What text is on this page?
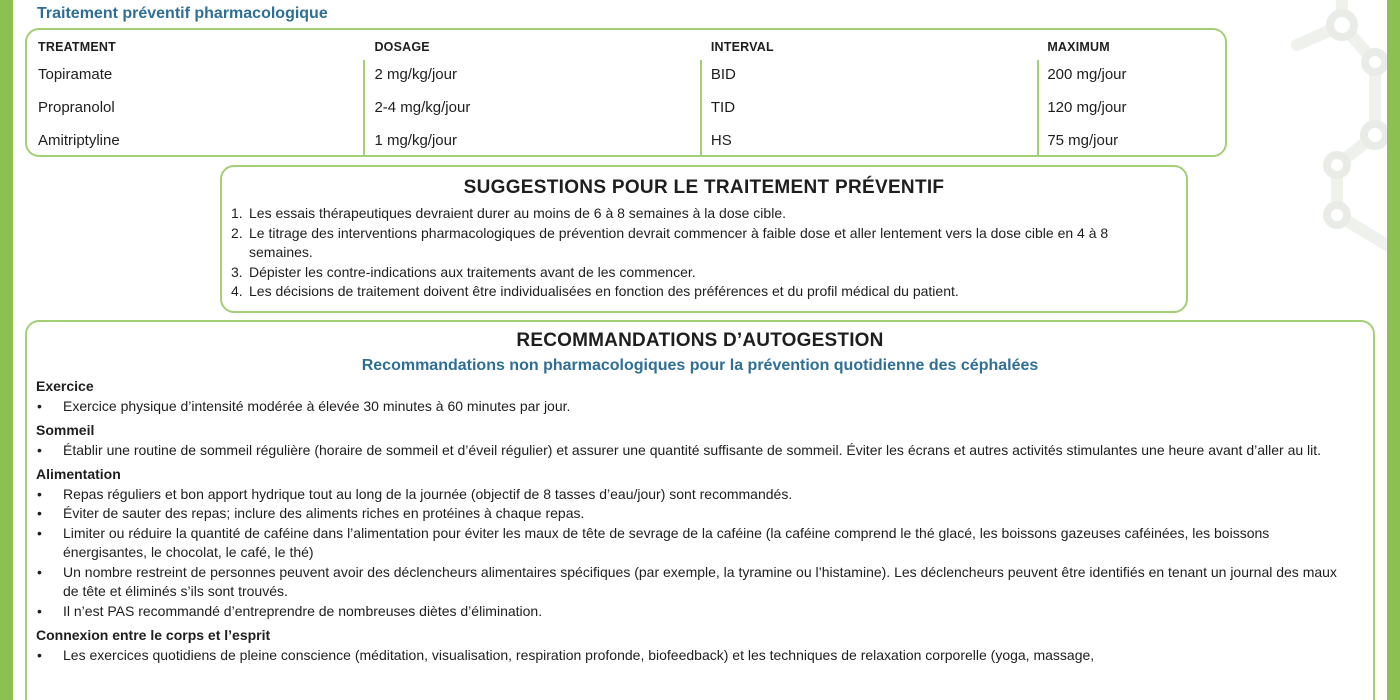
Traitement préventif pharmacologique
TREATMENT	DOSAGE	INTERVAL	MAXIMUM
Topiramate	2 mg/kg/jour	BID	200 mg/jour
Propranolol	2-4 mg/kg/jour	TID	120 mg/jour
Amitriptyline	1 mg/kg/jour	HS	75 mg/jour
SUGGESTIONS POUR LE TRAITEMENT PRÉVENTIF
1. Les essais thérapeutiques devraient durer au moins de 6 à 8 semaines à la dose cible.
2. Le titrage des interventions pharmacologiques de prévention devrait commencer à faible dose et aller lentement vers la dose cible en 4 à 8 semaines.
3. Dépister les contre-indications aux traitements avant de les commencer.
4. Les décisions de traitement doivent être individualisées en fonction des préférences et du profil médical du patient.
RECOMMANDATIONS D’AUTOGESTION
Recommandations non pharmacologiques pour la prévention quotidienne des céphalées
Exercice
•	Exercice physique d’intensité modérée à élevée 30 minutes à 60 minutes par jour.
Sommeil
•	Établir une routine de sommeil régulière (horaire de sommeil et d’éveil régulier) et assurer une quantité suffisante de sommeil. Éviter les écrans et autres activités stimulantes une heure avant d’aller au lit.
Alimentation
•	Repas réguliers et bon apport hydrique tout au long de la journée (objectif de 8 tasses d’eau/jour) sont recommandés.
•	Éviter de sauter des repas; inclure des aliments riches en protéines à chaque repas.
•	Limiter ou réduire la quantité de caféine dans l’alimentation pour éviter les maux de tête de sevrage de la caféine (la caféine comprend le thé glacé, les boissons gazeuses caféinées, les boissons énergisantes, le chocolat, le café, le thé)
•	Un nombre restreint de personnes peuvent avoir des déclencheurs alimentaires spécifiques (par exemple, la tyramine ou l’histamine). Les déclencheurs peuvent être identifiés en tenant un journal des maux de tête et éliminés s’ils sont trouvés.
•	Il n’est PAS recommandé d’entreprendre de nombreuses diètes d’élimination.
Connexion entre le corps et l’esprit
•	Les exercices quotidiens de pleine conscience (méditation, visualisation, respiration profonde, biofeedback) et les techniques de relaxation corporelle (yoga, massage,
